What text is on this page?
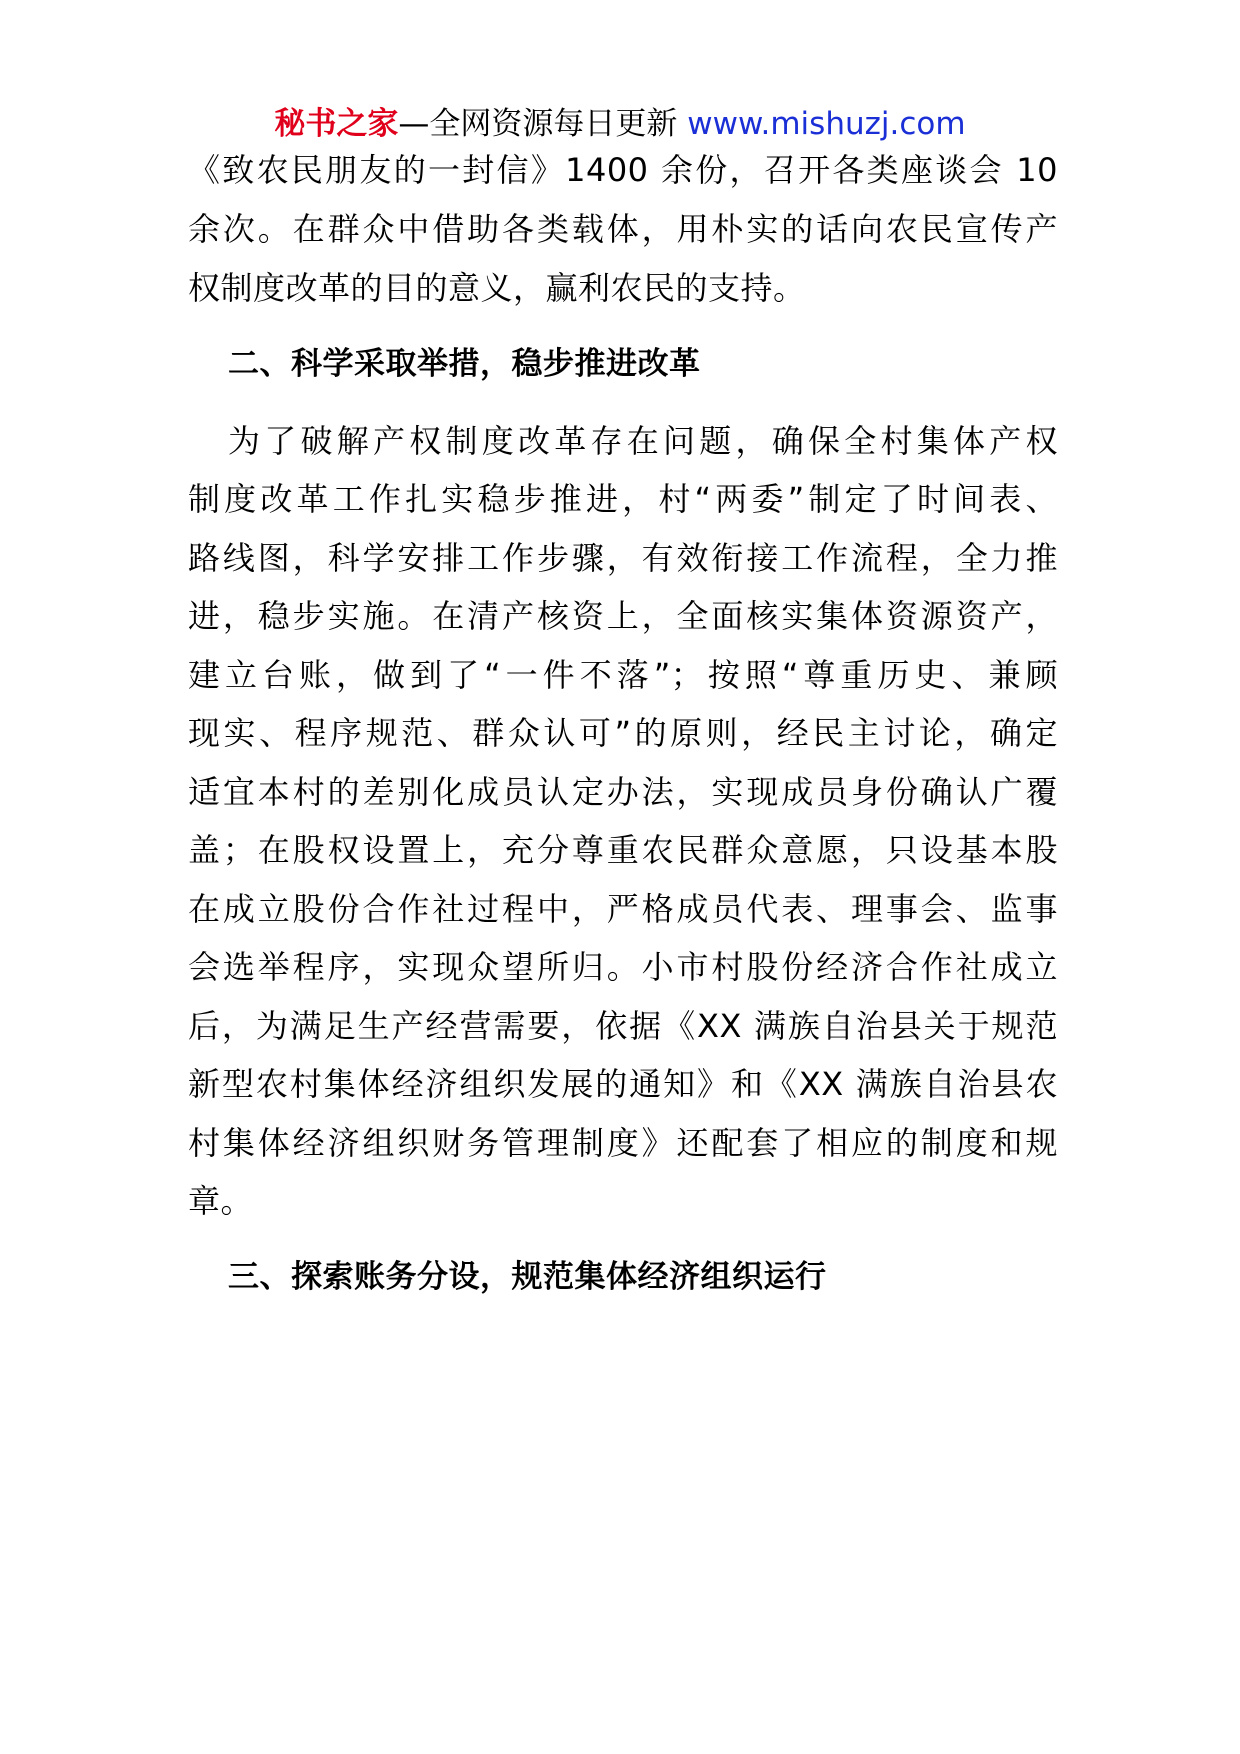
秘书之家—全网资源每日更新 www.mishuzj.com
《致农民朋友的一封信》1400 余份，召开各类座谈会 10
余次。在群众中借助各类载体，用朴实的话向农民宣传产
权制度改革的目的意义，赢利农民的支持。
二、科学采取举措，稳步推进改革
为了破解产权制度改革存在问题，确保全村集体产权
制度改革工作扎实稳步推进，村“两委”制定了时间表、
路线图，科学安排工作步骤，有效衔接工作流程，全力推
进，稳步实施。在清产核资上，全面核实集体资源资产，
建立台账，做到了“一件不落”；按照“尊重历史、兼顾
现实、程序规范、群众认可”的原则，经民主讨论，确定
适宜本村的差别化成员认定办法，实现成员身份确认广覆
盖；在股权设置上，充分尊重农民群众意愿，只设基本股
在成立股份合作社过程中，严格成员代表、理事会、监事
会选举程序，实现众望所归。小市村股份经济合作社成立
后，为满足生产经营需要，依据《XX 满族自治县关于规范
新型农村集体经济组织发展的通知》和《XX 满族自治县农
村集体经济组织财务管理制度》还配套了相应的制度和规
章。
三、探索账务分设，规范集体经济组织运行
